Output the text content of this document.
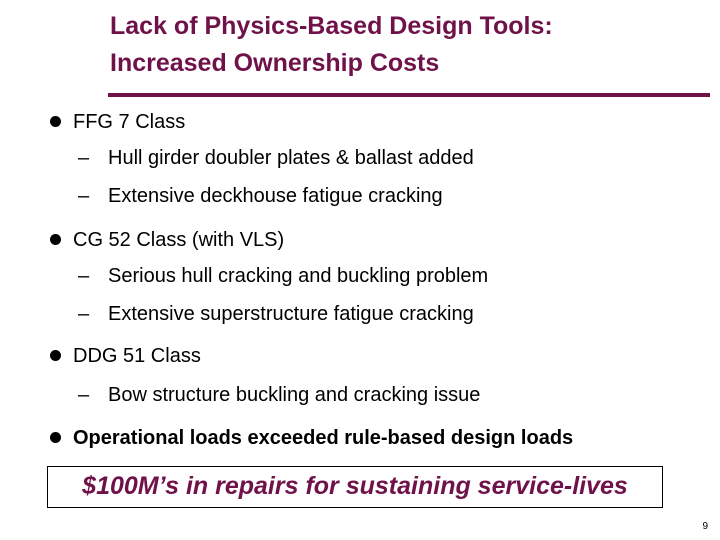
Lack of Physics-Based Design Tools:
Increased Ownership Costs
FFG 7 Class
– Hull girder doubler plates & ballast added
– Extensive deckhouse fatigue cracking
CG 52 Class (with VLS)
– Serious hull cracking and buckling problem
– Extensive superstructure fatigue cracking
DDG 51 Class
– Bow structure buckling and cracking issue
Operational loads exceeded rule-based design loads
$100M’s in repairs for sustaining service-lives
9
